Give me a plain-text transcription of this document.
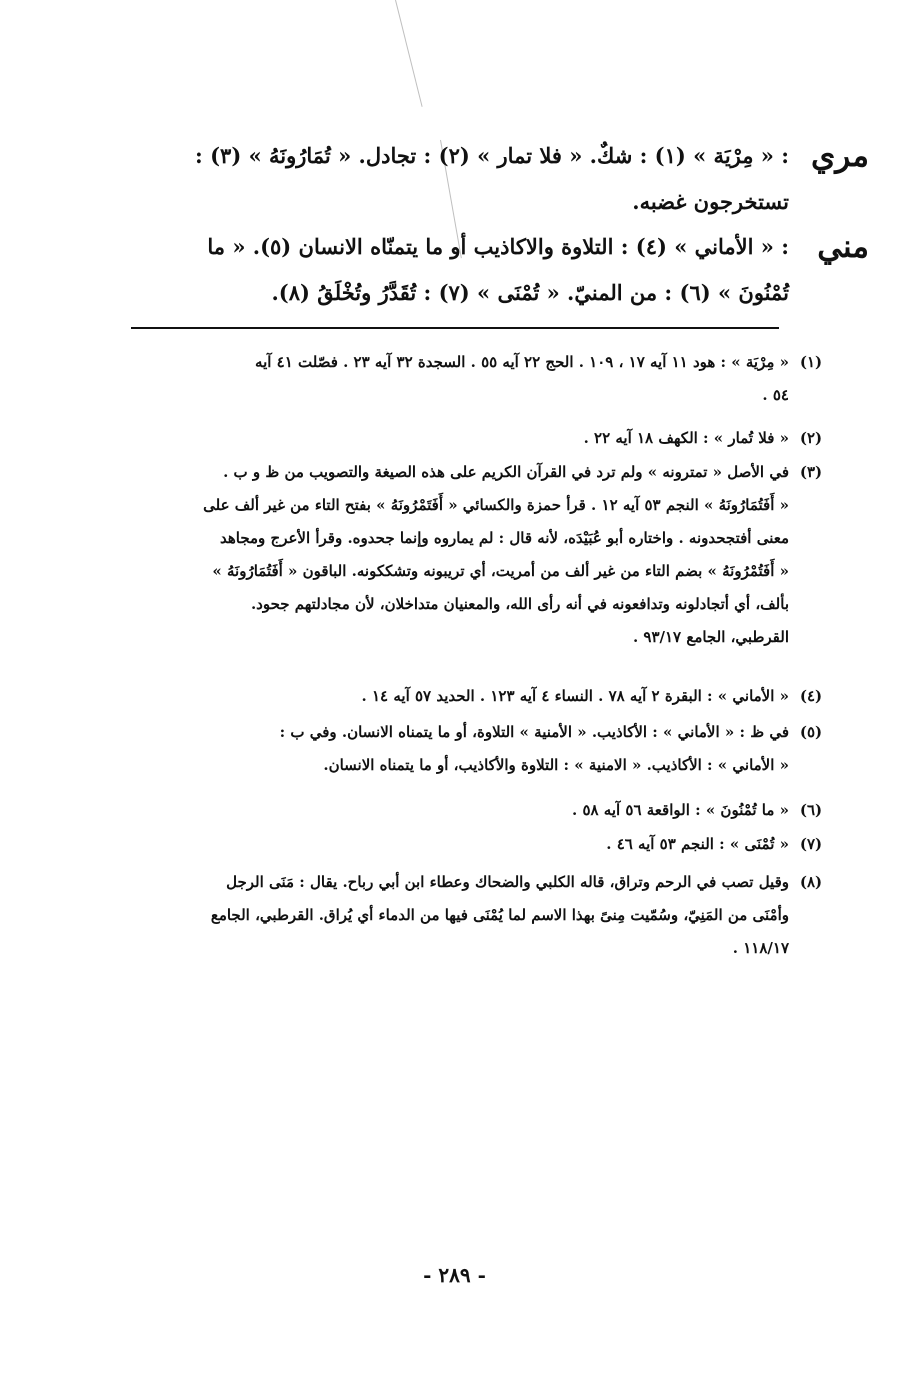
مري
: « مِرْيَة » (١) : شكٌ. « فلا تمار » (٢) : تجادل. « تُمَارُونَهُ » (٣) :
تستخرجون غضبه.
مني
: « الأماني » (٤) : التلاوة والاكاذيب أو ما يتمنّاه الانسان (٥). « ما
تُمْنُونَ » (٦) : من المنيّ. « تُمْنَى » (٧) : تُقَدَّرُ وتُخْلَقُ (٨).
(١)
« مِرْيَة » : هود ١١ آيه ١٧ ، ١٠٩ . الحج ٢٢ آيه ٥٥ . السجدة ٣٢ آيه ٢٣ . فصّلت ٤١ آيه
٥٤ .
(٢)
« فلا تُمار » : الكهف ١٨ آيه ٢٢ .
(٣)
في الأصل « تمترونه » ولم ترد في القرآن الكريم على هذه الصيغة والتصويب من ظ و ب .
« أَفَتُمَارُونَهُ » النجم ٥٣ آيه ١٢ . قرأ حمزة والكسائي « أَفَتَمْرُونَهُ » بفتح التاء من غير ألف على
معنى أفتجحدونه . واختاره أبو عُبَيْدَه، لأنه قال : لم يماروه وإنما جحدوه. وقرأ الأعرج ومجاهد
« أَفَتُمْرُونَهُ » بضم التاء من غير ألف من أمريت، أي تريبونه وتشككونه. الباقون « أَفَتُمَارُونَهُ »
بألف، أي أتجادلونه وتدافعونه في أنه رأى الله، والمعنيان متداخلان، لأن مجادلتهم جحود.
القرطبي، الجامع ٩٣/١٧ .
(٤)
« الأماني » : البقرة ٢ آيه ٧٨ . النساء ٤ آيه ١٢٣ . الحديد ٥٧ آيه ١٤ .
(٥)
في ظ : « الأماني » : الأكاذيب. « الأمنية » التلاوة، أو ما يتمناه الانسان. وفي ب :
« الأماني » : الأكاذيب. « الامنية » : التلاوة والأكاذيب، أو ما يتمناه الانسان.
(٦)
« ما تُمْنُونَ » : الواقعة ٥٦ آيه ٥٨ .
(٧)
« تُمْنَى » : النجم ٥٣ آيه ٤٦ .
(٨)
وقيل تصب في الرحم وتراق، قاله الكلبي والضحاك وعطاء ابن أبي رباح. يقال : مَنَى الرجل
وأمْنَى من المَنِيّ، وسُمّيت مِنىً بهذا الاسم لما يُمْنَى فيها من الدماء أي يُراق. القرطبي، الجامع
١١٨/١٧ .
- ٢٨٩ -
